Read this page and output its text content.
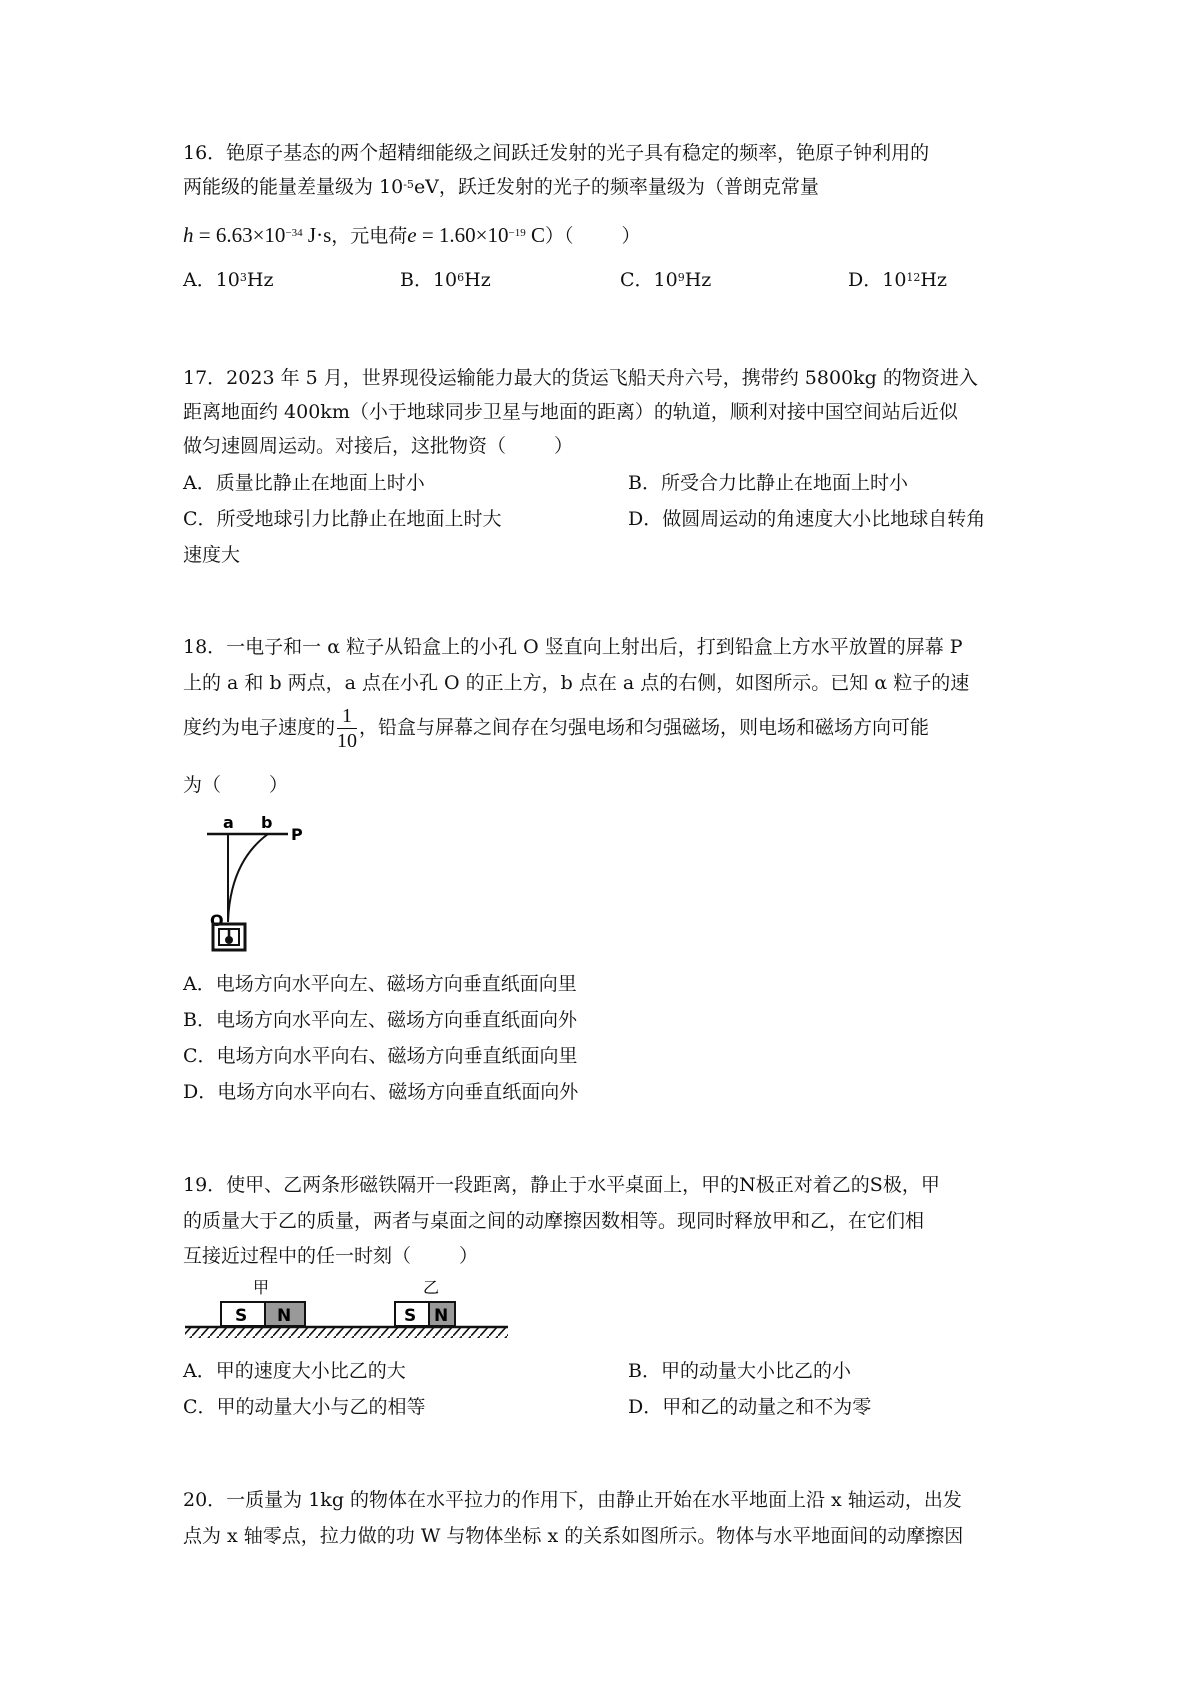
16．铯原子基态的两个超精细能级之间跃迁发射的光子具有稳定的频率，铯原子钟利用的
两能级的能量差量级为 $10^{-5}eV$，跃迁发射的光子的频率量级为（普朗克常量
$h = 6.63\times 10^{-34}$ J·s，元电荷$e = 1.60\times 10^{-19}$ C）（	）
A．$10^3Hz$	B．$10^6Hz$	C．$10^9Hz$	D．$10^{12}Hz$
17．2023 年 5 月，世界现役运输能力最大的货运飞船天舟六号，携带约 5800kg 的物资进入
距离地面约 400km（小于地球同步卫星与地面的距离）的轨道，顺利对接中国空间站后近似
做匀速圆周运动。对接后，这批物资（	）
A．质量比静止在地面上时小	B．所受合力比静止在地面上时小
C．所受地球引力比静止在地面上时大	D．做圆周运动的角速度大小比地球自转角
速度大
18．一电子和一 α 粒子从铅盒上的小孔 O 竖直向上射出后，打到铅盒上方水平放置的屏幕 P
上的 a 和 b 两点，a 点在小孔 O 的正上方，b 点在 a 点的右侧，如图所示。已知 α 粒子的速
度约为电子速度的 $\frac{1}{10}$ ，铅盒与屏幕之间存在匀强电场和匀强磁场，则电场和磁场方向可能
为（	）
a b
P
O
A．电场方向水平向左、磁场方向垂直纸面向里
B．电场方向水平向左、磁场方向垂直纸面向外
C．电场方向水平向右、磁场方向垂直纸面向里
D．电场方向水平向右、磁场方向垂直纸面向外
19．使甲、乙两条形磁铁隔开一段距离，静止于水平桌面上，甲的N极正对着乙的S极，甲
的质量大于乙的质量，两者与桌面之间的动摩擦因数相等。现同时释放甲和乙，在它们相
互接近过程中的任一时刻（	）
甲	乙
S N	S N
A．甲的速度大小比乙的大	B．甲的动量大小比乙的小
C．甲的动量大小与乙的相等	D．甲和乙的动量之和不为零
20．一质量为 1kg 的物体在水平拉力的作用下，由静止开始在水平地面上沿 x 轴运动，出发
点为 x 轴零点，拉力做的功 W 与物体坐标 x 的关系如图所示。物体与水平地面间的动摩擦因
